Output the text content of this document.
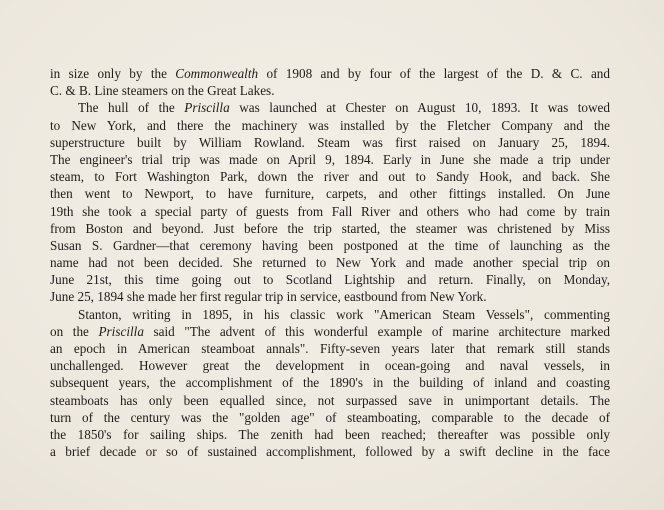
in size only by the Commonwealth of 1908 and by four of the largest of the D. & C. and
C. & B. Line steamers on the Great Lakes.
The hull of the Priscilla was launched at Chester on August 10, 1893. It was towed
to New York, and there the machinery was installed by the Fletcher Company and the
superstructure built by William Rowland. Steam was first raised on January 25, 1894.
The engineer's trial trip was made on April 9, 1894. Early in June she made a trip under
steam, to Fort Washington Park, down the river and out to Sandy Hook, and back. She
then went to Newport, to have furniture, carpets, and other fittings installed. On June
19th she took a special party of guests from Fall River and others who had come by train
from Boston and beyond. Just before the trip started, the steamer was christened by Miss
Susan S. Gardner—that ceremony having been postponed at the time of launching as the
name had not been decided. She returned to New York and made another special trip on
June 21st, this time going out to Scotland Lightship and return. Finally, on Monday,
June 25, 1894 she made her first regular trip in service, eastbound from New York.
Stanton, writing in 1895, in his classic work "American Steam Vessels", commenting
on the Priscilla said "The advent of this wonderful example of marine architecture marked
an epoch in American steamboat annals". Fifty-seven years later that remark still stands
unchallenged. However great the development in ocean-going and naval vessels, in
subsequent years, the accomplishment of the 1890's in the building of inland and coasting
steamboats has only been equalled since, not surpassed save in unimportant details. The
turn of the century was the "golden age" of steamboating, comparable to the decade of
the 1850's for sailing ships. The zenith had been reached; thereafter was possible only
a brief decade or so of sustained accomplishment, followed by a swift decline in the face
